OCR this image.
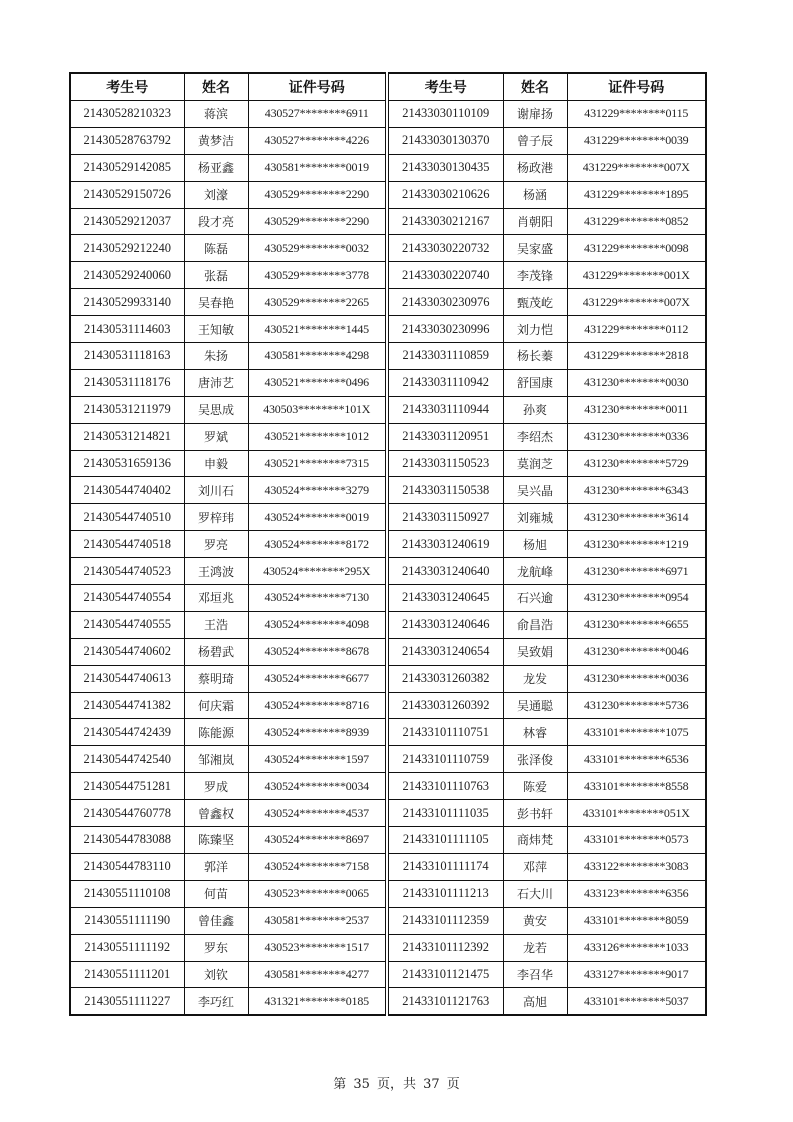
考生号	姓名	证件号码	考生号	姓名	证件号码
21430528210323	蒋滨	430527********6911	21433030110109	谢扉扬	431229********0115
21430528763792	黄梦洁	430527********4226	21433030130370	曾子辰	431229********0039
21430529142085	杨亚鑫	430581********0019	21433030130435	杨政港	431229********007X
21430529150726	刘濠	430529********2290	21433030210626	杨涵	431229********1895
21430529212037	段才亮	430529********2290	21433030212167	肖朝阳	431229********0852
21430529212240	陈磊	430529********0032	21433030220732	吴家盛	431229********0098
21430529240060	张磊	430529********3778	21433030220740	李茂锋	431229********001X
21430529933140	吴春艳	430529********2265	21433030230976	甄茂屹	431229********007X
21430531114603	王知敏	430521********1445	21433030230996	刘力恺	431229********0112
21430531118163	朱扬	430581********4298	21433031110859	杨长蓁	431229********2818
21430531118176	唐沛艺	430521********0496	21433031110942	舒国康	431230********0030
21430531211979	吴思成	430503********101X	21433031110944	孙爽	431230********0011
21430531214821	罗斌	430521********1012	21433031120951	李绍杰	431230********0336
21430531659136	申毅	430521********7315	21433031150523	莫润芝	431230********5729
21430544740402	刘川石	430524********3279	21433031150538	吴兴晶	431230********6343
21430544740510	罗梓玮	430524********0019	21433031150927	刘雍城	431230********3614
21430544740518	罗亮	430524********8172	21433031240619	杨旭	431230********1219
21430544740523	王鸿波	430524********295X	21433031240640	龙航峰	431230********6971
21430544740554	邓垣兆	430524********7130	21433031240645	石兴逾	431230********0954
21430544740555	王浩	430524********4098	21433031240646	俞昌浩	431230********6655
21430544740602	杨碧武	430524********8678	21433031240654	吴致娟	431230********0046
21430544740613	蔡明琦	430524********6677	21433031260382	龙发	431230********0036
21430544741382	何庆霜	430524********8716	21433031260392	吴通聪	431230********5736
21430544742439	陈能源	430524********8939	21433101110751	林睿	433101********1075
21430544742540	邹湘岚	430524********1597	21433101110759	张泽俊	433101********6536
21430544751281	罗成	430524********0034	21433101110763	陈爱	433101********8558
21430544760778	曾鑫权	430524********4537	21433101111035	彭书轩	433101********051X
21430544783088	陈臻坚	430524********8697	21433101111105	商炜梵	433101********0573
21430544783110	郭洋	430524********7158	21433101111174	邓萍	433122********3083
21430551110108	何苗	430523********0065	21433101111213	石大川	433123********6356
21430551111190	曾佳鑫	430581********2537	21433101112359	黄安	433101********8059
21430551111192	罗东	430523********1517	21433101112392	龙若	433126********1033
21430551111201	刘钦	430581********4277	21433101121475	李召华	433127********9017
21430551111227	李巧红	431321********0185	21433101121763	高旭	433101********5037
第 35 页，共 37 页
